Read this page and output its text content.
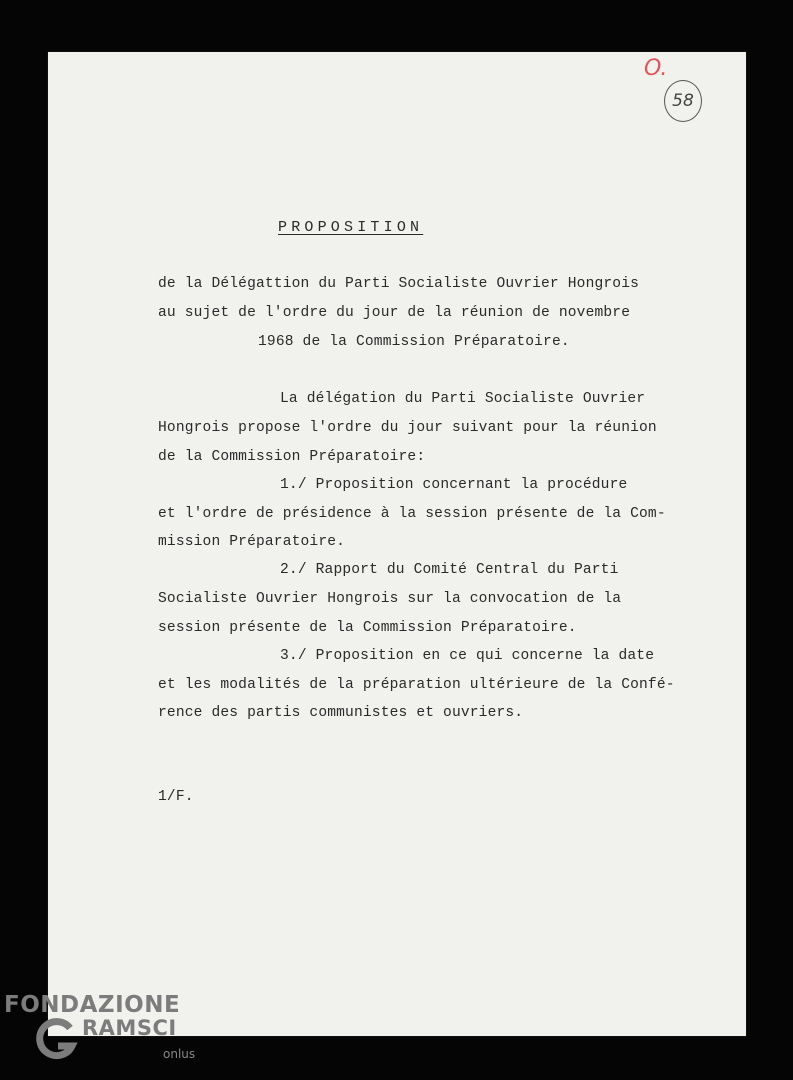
O.
58
PROPOSITION
de la Délégattion du Parti Socialiste Ouvrier Hongrois
au sujet de l'ordre du jour de la réunion de novembre
1968 de la Commission Préparatoire.
La délégation du Parti Socialiste Ouvrier
Hongrois propose l'ordre du jour suivant pour la réunion
de la Commission Préparatoire:
1./ Proposition concernant la procédure
et l'ordre de présidence à la session présente de la Com-
mission Préparatoire.
2./ Rapport du Comité Central du Parti
Socialiste Ouvrier Hongrois sur la convocation de la
session présente de la Commission Préparatoire.
3./ Proposition en ce qui concerne la date
et les modalités de la préparation ultérieure de la Confé-
rence des partis communistes et ouvriers.
1/F.
FONDAZIONE
RAMSCI
onlus
